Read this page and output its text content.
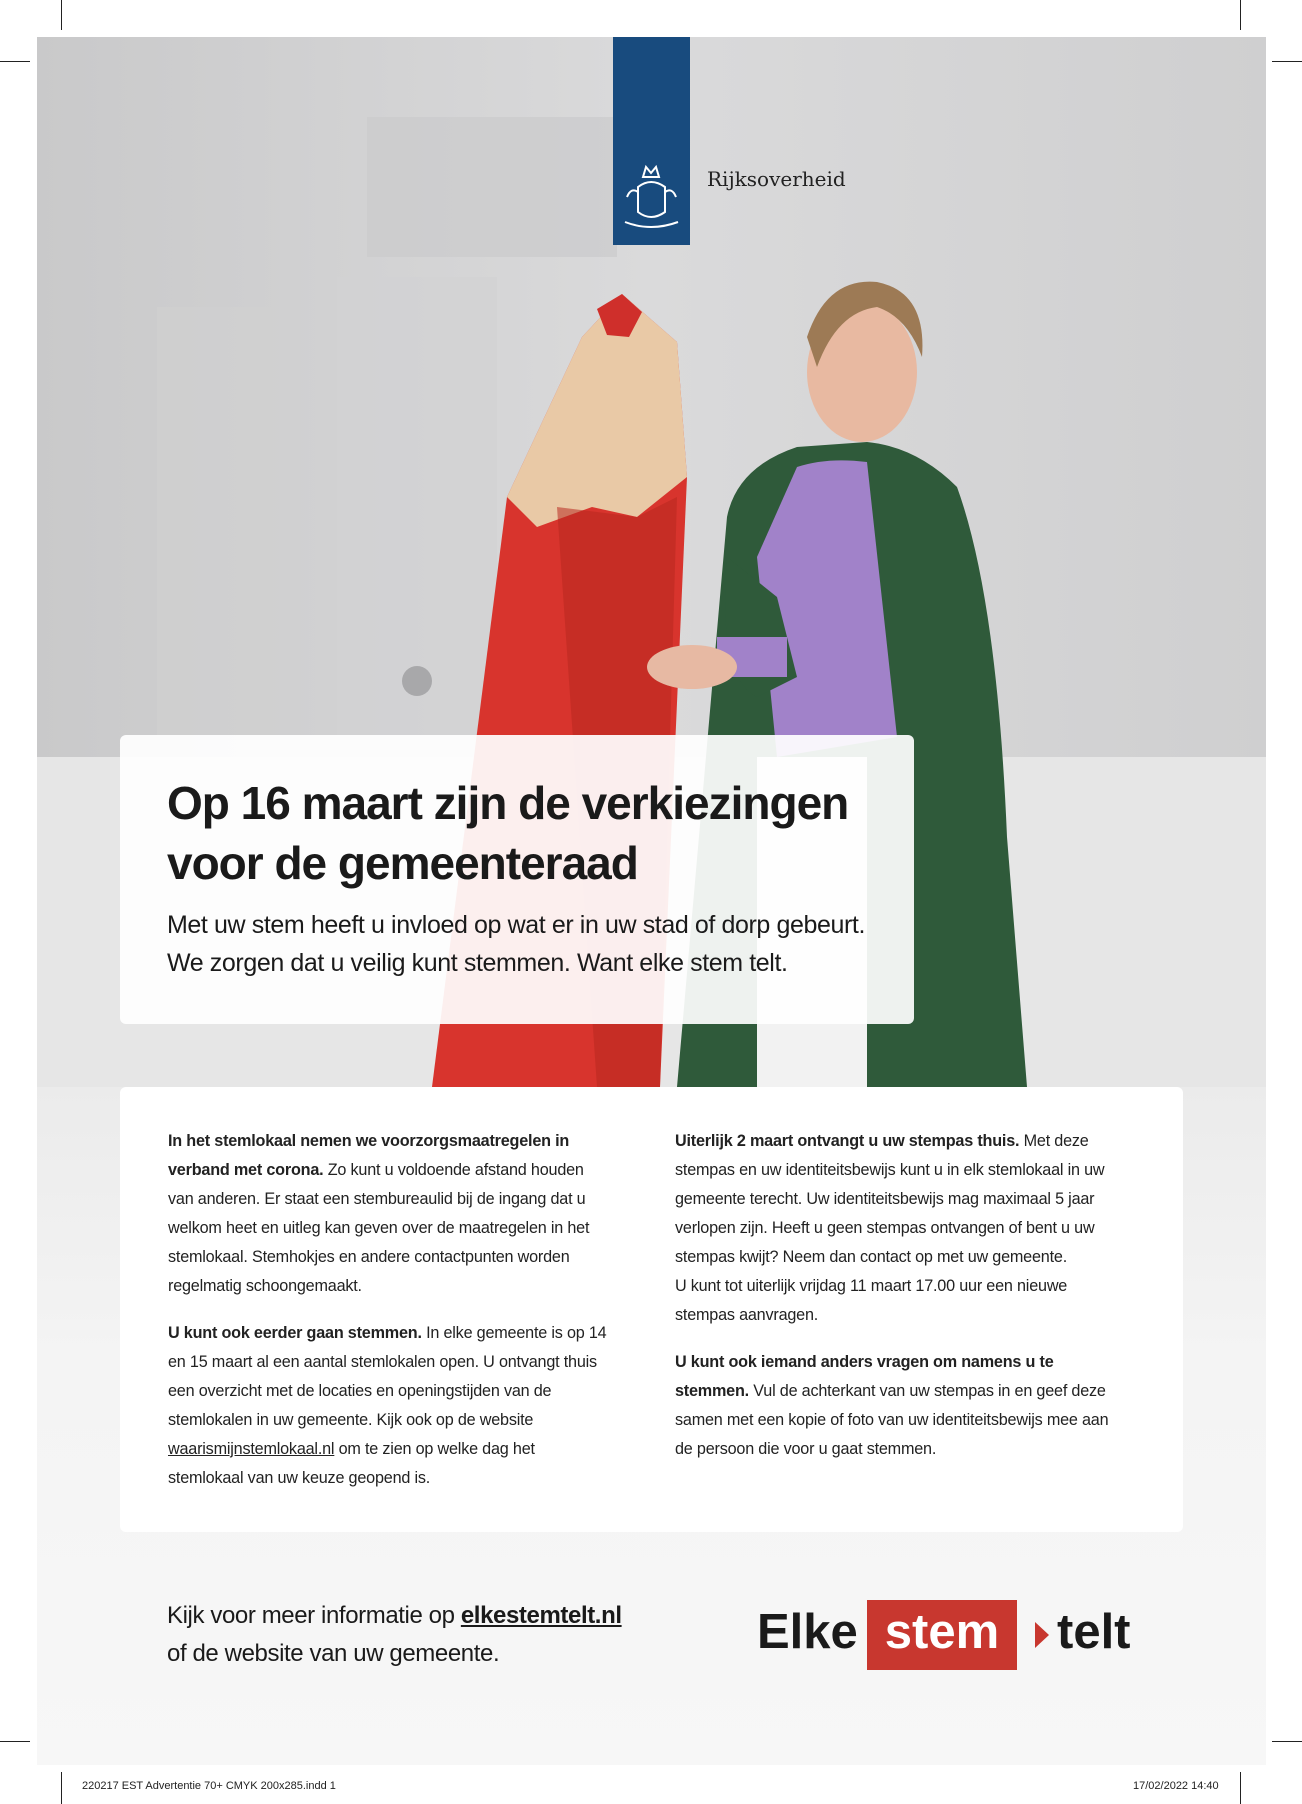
Rijksoverheid
Op 16 maart zijn de verkiezingen voor de gemeenteraad
Met uw stem heeft u invloed op wat er in uw stad of dorp gebeurt. We zorgen dat u veilig kunt stemmen. Want elke stem telt.

In het stemlokaal nemen we voorzorgsmaatregelen in verband met corona. Zo kunt u voldoende afstand houden van anderen. Er staat een stembureaulid bij de ingang dat u welkom heet en uitleg kan geven over de maatregelen in het stemlokaal. Stemhokjes en andere contactpunten worden regelmatig schoongemaakt.

U kunt ook eerder gaan stemmen. In elke gemeente is op 14 en 15 maart al een aantal stemlokalen open. U ontvangt thuis een overzicht met de locaties en openingstijden van de stemlokalen in uw gemeente. Kijk ook op de website waarismijnstemlokaal.nl om te zien op welke dag het stemlokaal van uw keuze geopend is.

Uiterlijk 2 maart ontvangt u uw stempas thuis. Met deze stempas en uw identiteitsbewijs kunt u in elk stemlokaal in uw gemeente terecht. Uw identiteitsbewijs mag maximaal 5 jaar verlopen zijn. Heeft u geen stempas ontvangen of bent u uw stempas kwijt? Neem dan contact op met uw gemeente.
U kunt tot uiterlijk vrijdag 11 maart 17.00 uur een nieuwe stempas aanvragen.

U kunt ook iemand anders vragen om namens u te stemmen. Vul de achterkant van uw stempas in en geef deze samen met een kopie of foto van uw identiteitsbewijs mee aan de persoon die voor u gaat stemmen.

Kijk voor meer informatie op elkestemtelt.nl
of de website van uw gemeente.	Elke stem	telt
220217 EST Advertentie 70+ CMYK 200x285.indd 1	17/02/2022 14:40
